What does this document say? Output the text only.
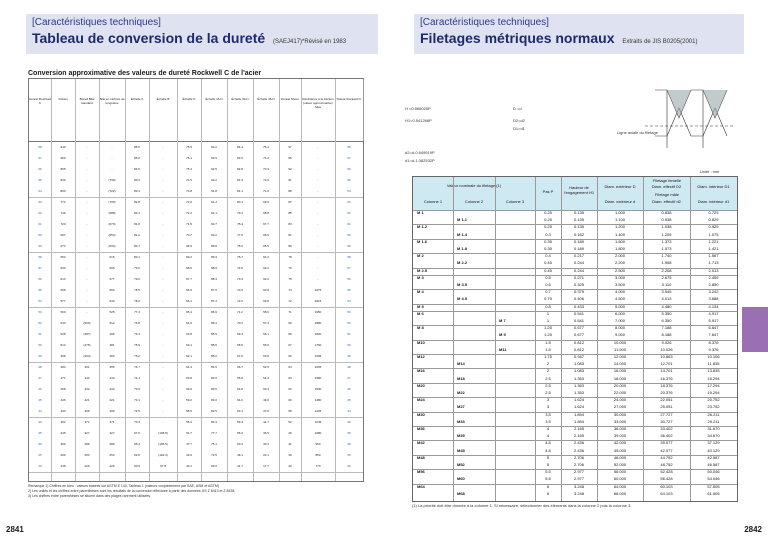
[Caractéristiques techniques]
Tableau de conversion de la dureté (SAEJ417)*Révisé en 1983
2841
Conversion approximative des valeurs de dureté Rockwell C de l'acier
Dureté Rockwell C
Vickers	Brinell Bille standard
Bille en carbure de tungstène
Échelle A	Échelle B	Échelle D	Échelle 15-N	Échelle 30-N	Échelle 45-N	Dureté Shore	Résistance à la traction (valeur approximative) Mpa
Dureté Rockwell C
68	940	-	-	85.6	-	76.9	93.2	84.4	75.4	97	-	68
67	900	-	-	85.0	-	76.1	92.9	83.6	74.2	95	-	67
66	865	-	-	84.5	-	75.4	92.5	82.8	73.3	92	-	66
65	832	-	(739)	83.9	-	74.5	92.2	81.9	72.0	91	-	65
64	800	-	(722)	83.4	-	73.8	91.8	81.1	71.0	88	-	64
63	772	-	(705)	82.8	-	73.0	91.4	80.1	69.9	87	-	63
62	746	-	(688)	82.3	-	72.2	91.1	79.3	68.8	85	-	62
61	720	-	(670)	81.8	-	71.5	90.7	78.4	67.7	83	-	61
60	697	-	(654)	81.2	-	70.7	90.2	77.5	66.6	81	-	60
59	674	-	(634)	80.7	-	69.9	89.8	76.6	65.5	80	-	59
58	653	-	615	80.1	-	69.2	89.3	75.7	64.3	78	-	58
57	633	-	595	79.6	-	68.5	88.9	74.8	63.2	76	-	57
56	613	-	577	79.0	-	67.7	88.3	73.9	62.0	75	-	56
55	595	-	560	78.5	-	66.9	87.9	73.0	60.9	74	2075	55
54	577	-	543	78.0	-	66.1	87.4	72.0	59.8	72	2015	54
53	560	-	525	77.4	-	65.4	86.9	71.2	58.6	71	1950	53
52	544	(500)	512	76.8	-	64.6	86.4	70.2	57.4	69	1880	52
51	528	(487)	496	76.3	-	63.8	85.9	69.4	56.1	68	1820	51
50	513	(475)	481	75.9	-	63.1	85.5	68.5	55.0	67	1760	50
49	498	(464)	469	75.2	-	62.1	85.0	67.6	53.8	66	1695	49
48	484	451	455	74.7	-	61.4	84.5	66.7	52.5	64	1635	48
47	471	442	443	74.1	-	60.8	83.9	65.8	51.4	63	1580	47
46	458	432	432	73.6	-	60.0	83.5	64.8	50.3	62	1530	46
45	446	421	421	73.1	-	59.2	83.0	64.0	49.0	60	1480	45
44	434	409	409	72.5	-	58.5	82.5	63.1	47.8	58	1435	44
40	392	371	371	70.4	-	55.4	80.4	59.4	42.7	52	1245	40
35	345	327	327	67.9	(108.8)	51.7	77.7	55.0	36.5	46	1080	35
30	302	286	286	65.3	(105.5)	47.7	75.1	50.4	30.4	41	950	30
25	266	253	253	62.8	(102.3)	43.9	72.5	46.1	24.1	36	850	25
20	238	226	226	60.5	97.8	40.1	69.9	41.7	17.7	32	770	20
Remarque 1) Chiffres en bleu : valeurs basées sur ASTM E 140, Tableau 1 (valeurs conjointement par SAE, ASM et ASTM)
2) Les unités et les chiffres entre parenthèses sont les résultats de la conversion effectuée à partir des données JIS Z 8413 et Z 8438.
3) Les chiffres entre parenthèses se situent dans des plages rarement utilisées.
[Caractéristiques techniques]
Filetages métriques normaux Extraits de JIS B0205(2001)
2842
H =0.866025P
H1=0.541266P
d2=d-0.649519P
d1=d-1.082532P
D =d
D2=d2
D1=d1
Ligne axiale du filetage
Unité : mm
Valeur nominale du filetage (1)
Colonne 1	Colonne 2	Colonne 3
Pas P
Hauteur de l'engagement H1
Filetage femelle
Diam. extérieur D	Diam. effectif D2	Diam. intérieur D1
Filetage mâle
Diam. extérieur d	Diam. effectif d2	Diam. intérieur d1
M 1	0.25	0.135	1.000	0.838	0.729
M 1.1	0.25	0.135	1.100	0.938	0.829
M 1.2	0.25	0.135	1.200	1.038	0.929
M 1.4	0.3	0.162	1.400	1.205	1.075
M 1.6	0.35	0.189	1.600	1.373	1.221
M 1.8	0.35	0.189	1.800	1.573	1.421
M 2	0.4	0.217	2.000	1.740	1.567
M 2.2	0.45	0.244	2.200	1.908	1.713
M 2.5	0.45	0.244	2.500	2.208	2.013
M 3	0.5	0.271	3.000	2.675	2.459
M 3.5	0.6	0.325	3.500	3.110	2.850
M 4	0.7	0.379	4.000	3.545	3.242
M 4.5	0.75	0.406	4.500	4.013	3.688
M 5	0.8	0.433	5.000	4.480	4.134
M 6	1	0.541	6.000	5.350	4.917
M 7	1	0.541	7.000	6.350	5.917
M 8	1.25	0.677	8.000	7.188	6.647
M 9	1.25	0.677	9.000	8.188	7.647
M10	1.5	0.812	10.000	9.026	8.376
M11	1.5	0.812	11.000	10.026	9.376
M12	1.75	0.947	12.000	10.863	10.106
M14	2	1.083	14.000	12.701	11.835
M16	2	1.083	16.000	14.701	13.835
M18	2.5	1.353	18.000	16.376	15.294
M20	2.5	1.353	20.000	18.376	17.294
M22	2.5	1.353	22.000	20.376	19.294
M24	3	1.624	24.000	22.051	20.752
M27	3	1.624	27.000	25.051	23.752
M30	3.5	1.894	30.000	27.727	26.211
M33	3.5	1.894	33.000	30.727	29.211
M36	4	2.165	36.000	33.402	31.670
M39	4	2.165	39.000	36.402	34.670
M42	4.5	2.436	42.000	39.077	37.129
M45	4.5	2.436	45.000	42.077	40.129
M48	5	2.706	48.000	44.752	42.587
M52	5	2.706	52.000	48.752	46.587
M56	5.5	2.977	56.000	52.428	50.046
M60	5.5	2.977	60.000	56.428	54.046
M64	6	3.248	64.000	60.103	57.505
M68	6	3.248	68.000	64.103	61.505
(1) La priorité doit être donnée à la colonne 1. Si nécessaire, sélectionner des éléments dans la colonne 2 puis la colonne 3.
